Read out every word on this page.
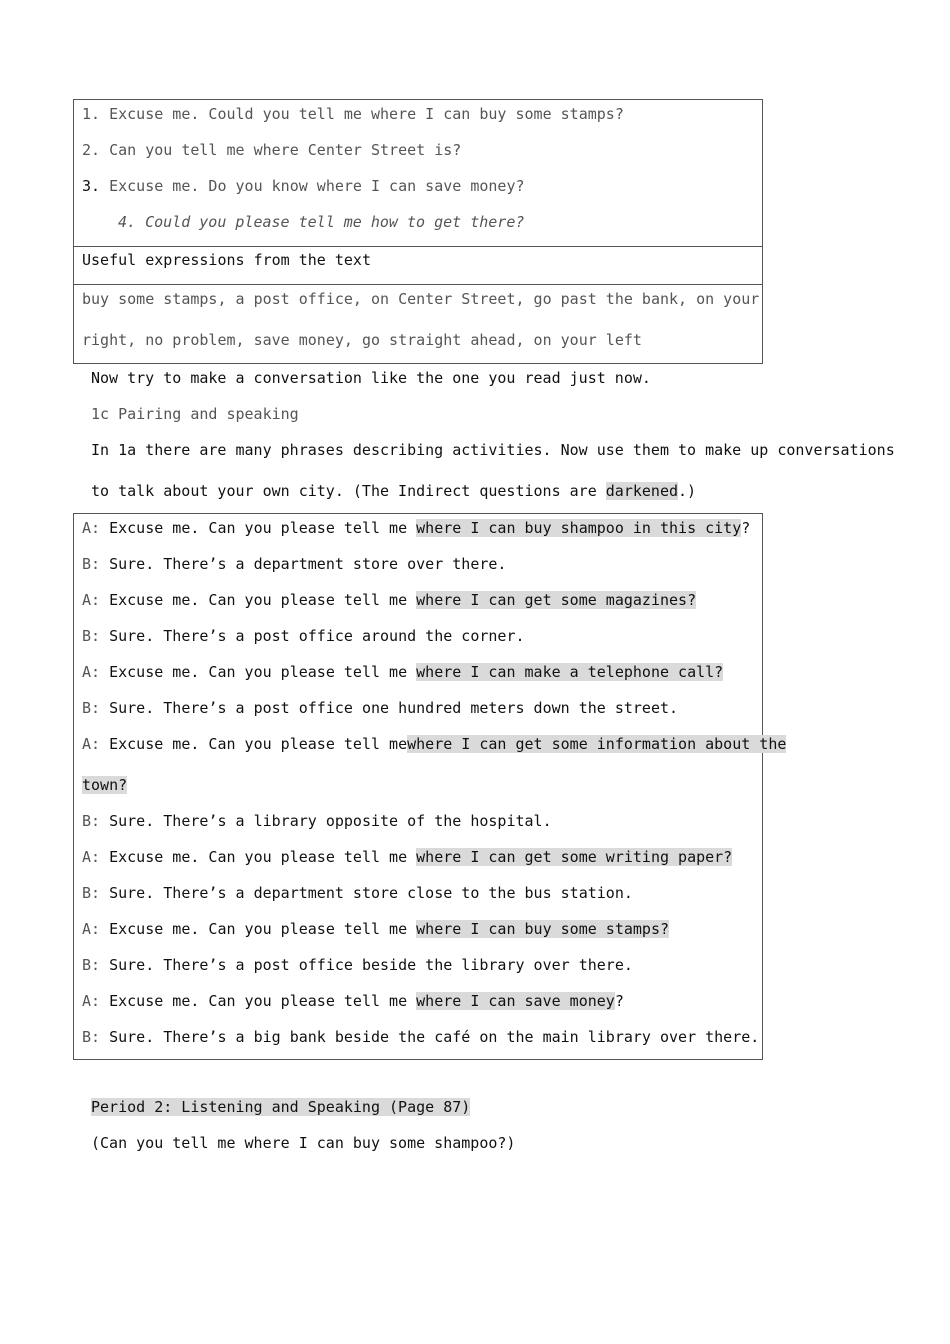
1. Excuse me. Could you tell me where I can buy some stamps?
2. Can you tell me where Center Street is?
3. Excuse me. Do you know where I can save money?
4. Could you please tell me how to get there?
Useful expressions from the text
buy some stamps, a post office, on Center Street, go past the bank, on your
right, no problem, save money, go straight ahead, on your left
Now try to make a conversation like the one you read just now.
1c Pairing and speaking
In 1a there are many phrases describing activities. Now use them to make up conversations
to talk about your own city. (The Indirect questions are darkened.)
A: Excuse me. Can you please tell me where I can buy shampoo in this city?
B: Sure. There’s a department store over there.
A: Excuse me. Can you please tell me where I can get some magazines?
B: Sure. There’s a post office around the corner.
A: Excuse me. Can you please tell me where I can make a telephone call?
B: Sure. There’s a post office one hundred meters down the street.
A: Excuse me. Can you please tell me where I can get some information about the
town?
B: Sure. There’s a library opposite of the hospital.
A: Excuse me. Can you please tell me where I can get some writing paper?
B: Sure. There’s a department store close to the bus station.
A: Excuse me. Can you please tell me where I can buy some stamps?
B: Sure. There’s a post office beside the library over there.
A: Excuse me. Can you please tell me where I can save money?
B: Sure. There’s a big bank beside the café on the main library over there.
Period 2: Listening and Speaking (Page 87)
(Can you tell me where I can buy some shampoo?)
